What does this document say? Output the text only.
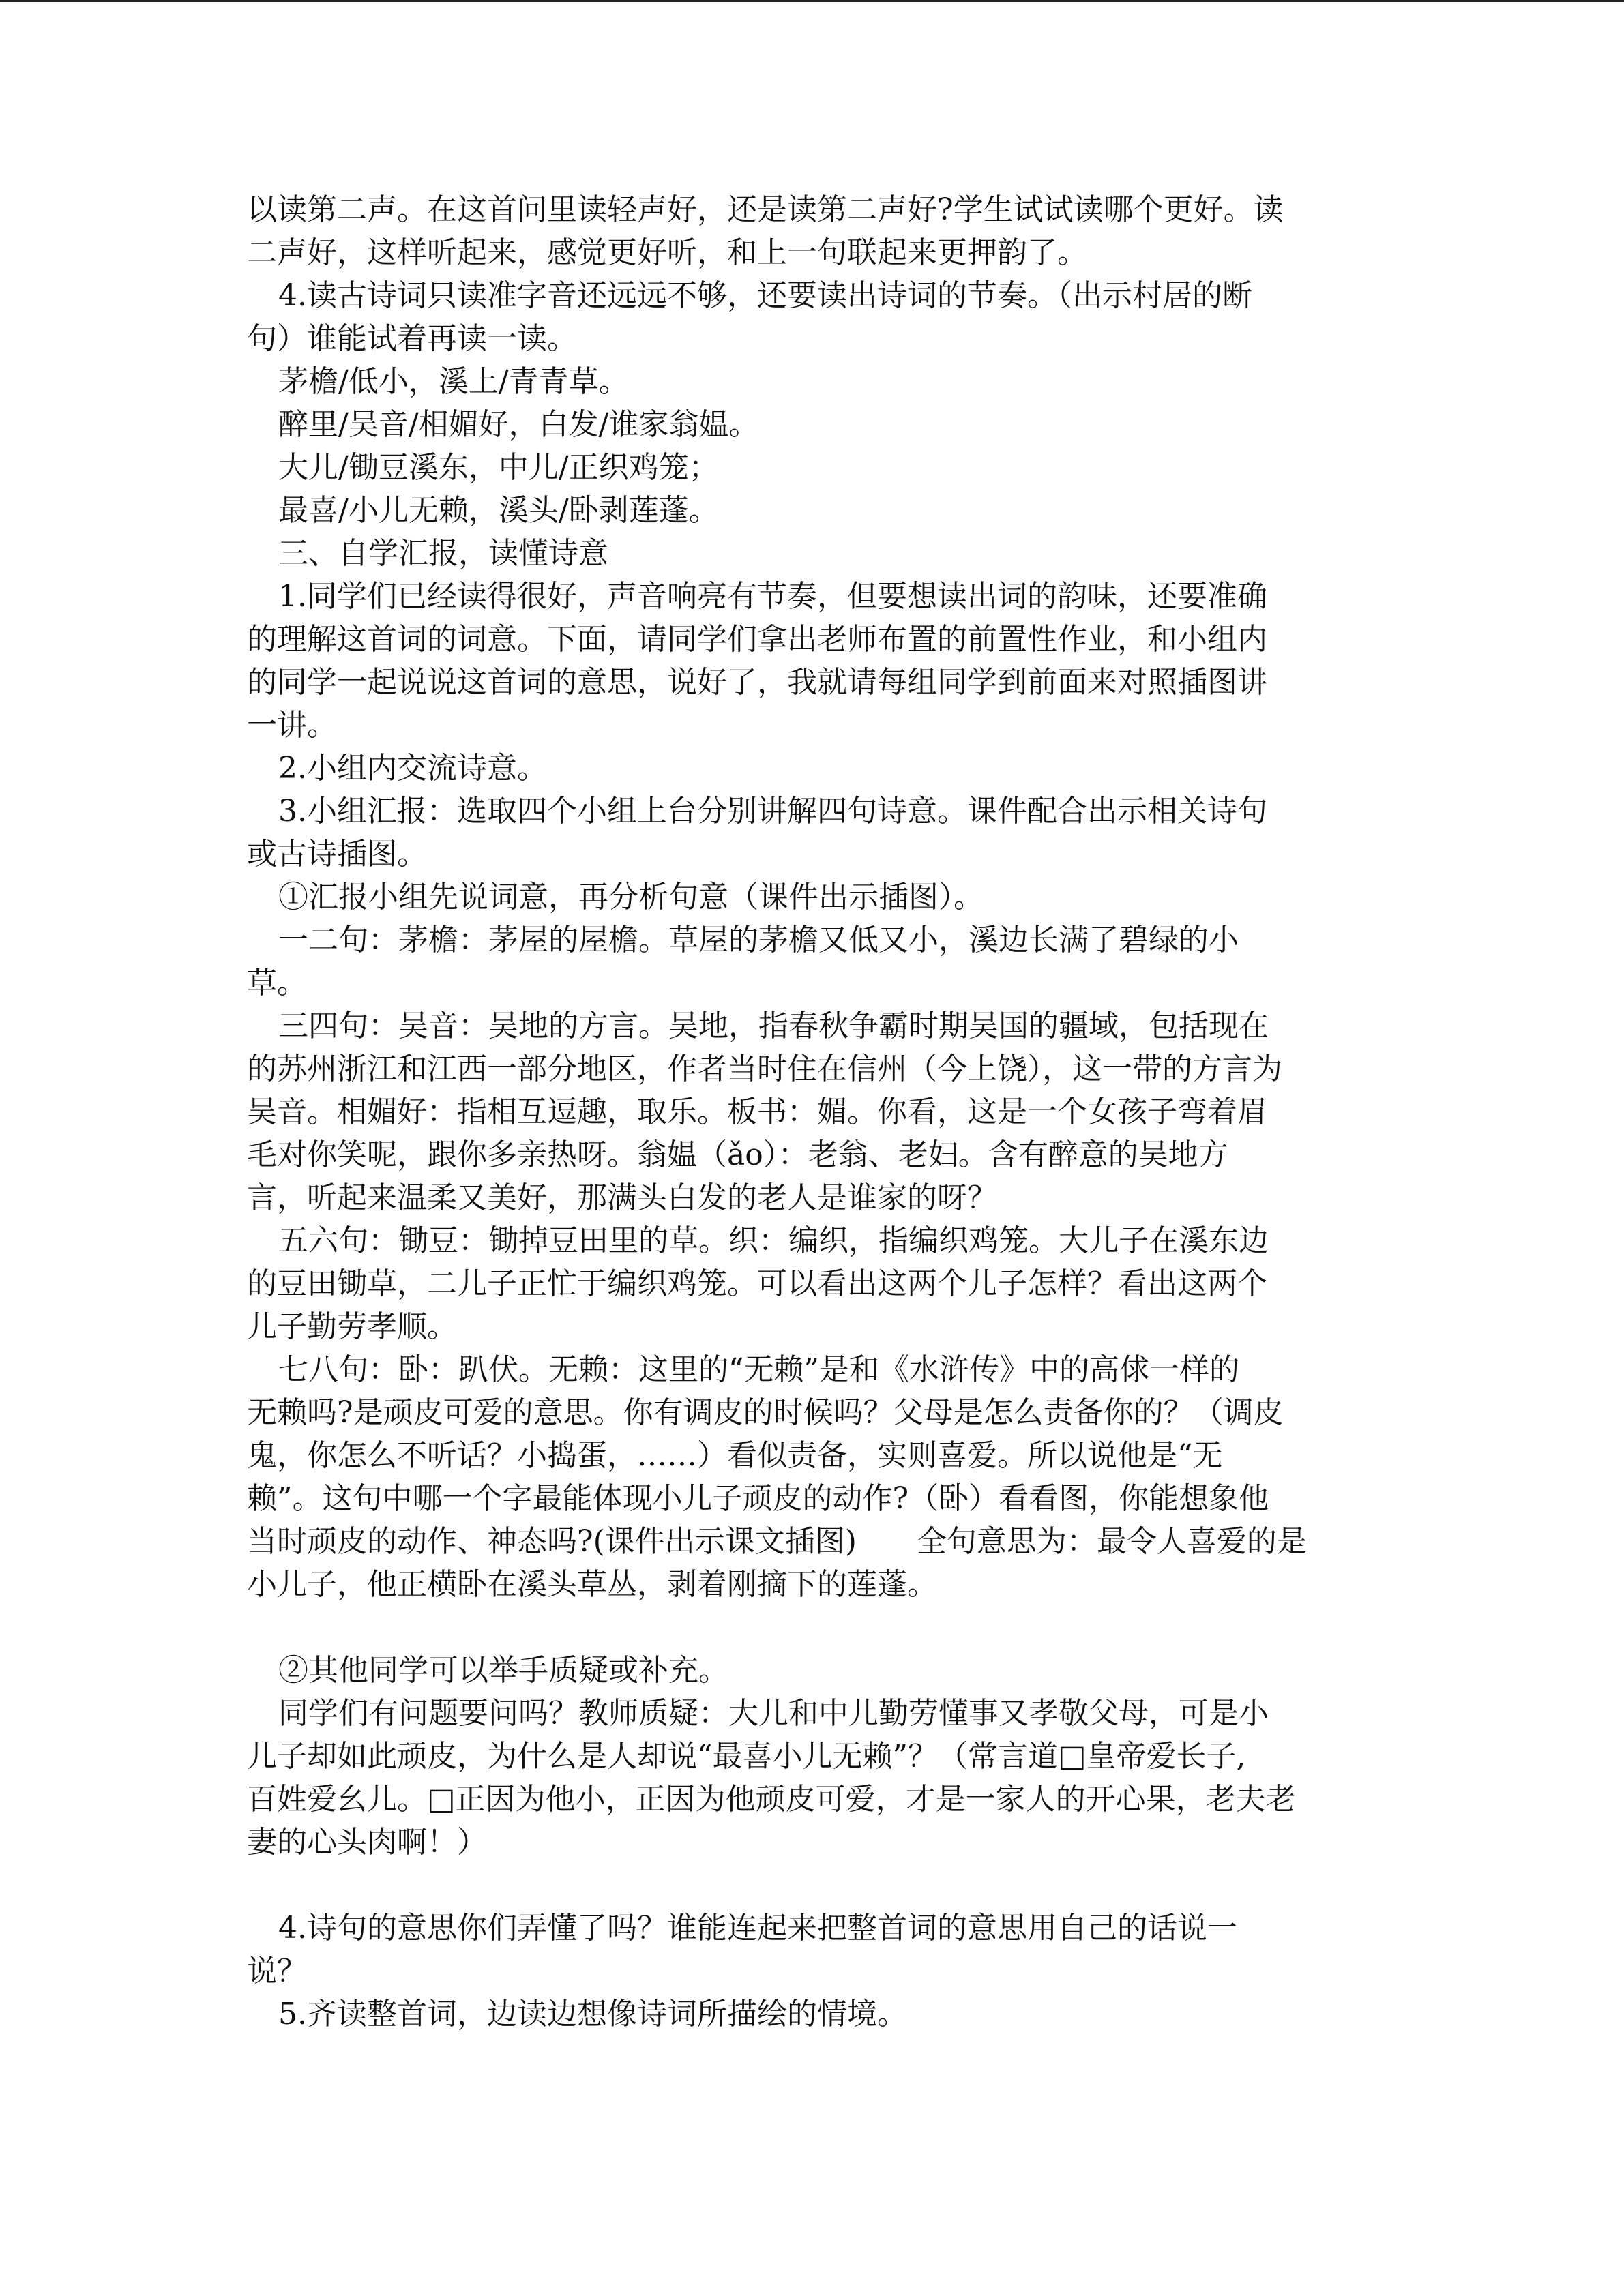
以读第二声。在这首问里读轻声好，还是读第二声好?学生试试读哪个更好。读
二声好，这样听起来，感觉更好听，和上一句联起来更押韵了。
4.读古诗词只读准字音还远远不够，还要读出诗词的节奏。（出示村居的断
句）谁能试着再读一读。
茅檐/低小，溪上/青青草。
醉里/吴音/相媚好，白发/谁家翁媪。
大儿/锄豆溪东，中儿/正织鸡笼；
最喜/小儿无赖，溪头/卧剥莲蓬。
三、自学汇报，读懂诗意
1.同学们已经读得很好，声音响亮有节奏，但要想读出词的韵味，还要准确
的理解这首词的词意。下面，请同学们拿出老师布置的前置性作业，和小组内
的同学一起说说这首词的意思，说好了，我就请每组同学到前面来对照插图讲
一讲。
2.小组内交流诗意。
3.小组汇报：选取四个小组上台分别讲解四句诗意。课件配合出示相关诗句
或古诗插图。
①汇报小组先说词意，再分析句意（课件出示插图）。
一二句：茅檐：茅屋的屋檐。草屋的茅檐又低又小，溪边长满了碧绿的小
草。
三四句：吴音：吴地的方言。吴地，指春秋争霸时期吴国的疆域，包括现在
的苏州浙江和江西一部分地区，作者当时住在信州（今上饶），这一带的方言为
吴音。相媚好：指相互逗趣，取乐。板书：媚。你看，这是一个女孩子弯着眉
毛对你笑呢，跟你多亲热呀。翁媪（ǎo）：老翁、老妇。含有醉意的吴地方
言，听起来温柔又美好，那满头白发的老人是谁家的呀？
五六句：锄豆：锄掉豆田里的草。织：编织，指编织鸡笼。大儿子在溪东边
的豆田锄草，二儿子正忙于编织鸡笼。可以看出这两个儿子怎样？看出这两个
儿子勤劳孝顺。
七八句：卧：趴伏。无赖：这里的“无赖”是和《水浒传》中的高俅一样的
无赖吗?是顽皮可爱的意思。你有调皮的时候吗？父母是怎么责备你的？（调皮
鬼，你怎么不听话？小捣蛋，……）看似责备，实则喜爱。所以说他是“无
赖”。这句中哪一个字最能体现小儿子顽皮的动作?（卧）看看图，你能想象他
当时顽皮的动作、神态吗?(课件出示课文插图)　　全句意思为：最令人喜爱的是
小儿子，他正横卧在溪头草丛，剥着刚摘下的莲蓬。
②其他同学可以举手质疑或补充。
同学们有问题要问吗？教师质疑：大儿和中儿勤劳懂事又孝敬父母，可是小
儿子却如此顽皮，为什么是人却说“最喜小儿无赖”？（常言道□皇帝爱长子,
百姓爱幺儿。□正因为他小，正因为他顽皮可爱，才是一家人的开心果，老夫老
妻的心头肉啊！）
4.诗句的意思你们弄懂了吗？谁能连起来把整首词的意思用自己的话说一
说？
5.齐读整首词，边读边想像诗词所描绘的情境。
